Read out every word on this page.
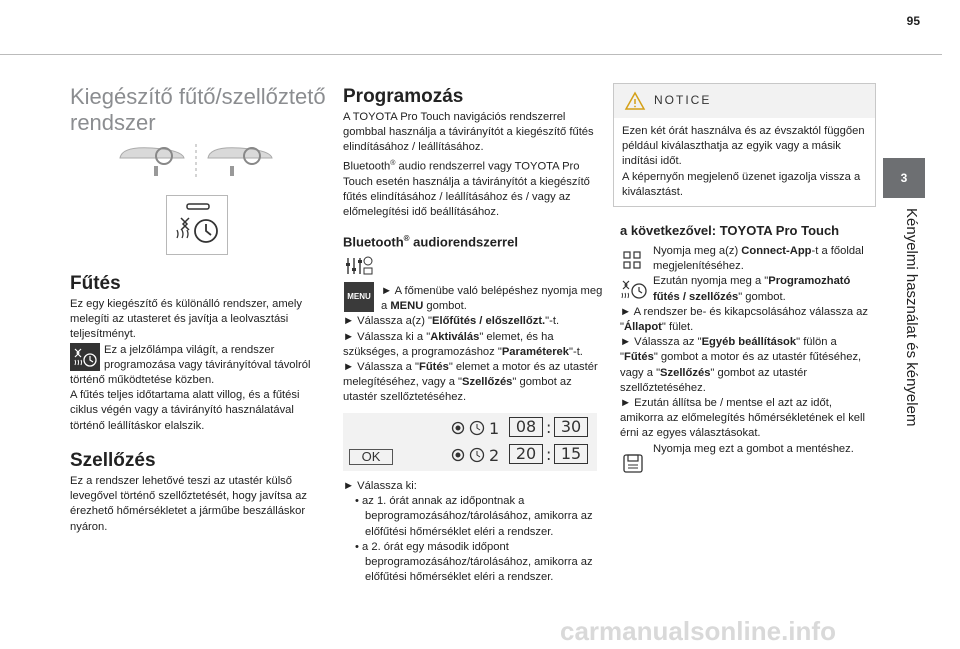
95
3
Kényelmi használat és kényelem
Kiegészítő fűtő/szellőztető rendszer
Fűtés

Ez egy kiegészítő és különálló rendszer, amely melegíti az utasteret és javítja a leolvasztási teljesítményt.

Ez a jelzőlámpa világít, a rendszer programozása vagy távirányítóval távolról történő működtetése közben.

A fűtés teljes időtartama alatt villog, és a fűtési ciklus végén vagy a távirányító használatával történő leállításkor elalszik.

Szellőzés
Ez a rendszer lehetővé teszi az utastér külső levegővel történő szellőztetését, hogy javítsa az érezhető hőmérsékletet a járműbe beszálláskor nyáron.
Programozás

A TOYOTA Pro Touch navigációs rendszerrel gombbal használja a távirányítót a kiegészítő fűtés elindításához / leállításához.

Bluetooth® audio rendszerrel vagy TOYOTA Pro Touch esetén használja a távirányítót a kiegészítő fűtés elindításához / leállításához és / vagy az előmelegítési idő beállításához.

Bluetooth® audiorendszerrel
MENU ► A főmenübe való belépéshez nyomja meg a MENU gombot.

► Válassza a(z) "Előfűtés / előszellőzt."-t.

► Válassza ki a "Aktiválás" elemet, és ha szükséges, a programozáshoz "Paraméterek"-t.

► Válassza a "Fűtés" elemet a motor és az utastér melegítéséhez, vagy a "Szellőzés" gombot az utastér szellőztetéséhez.

OK
1	08 : 30
2	20 : 15

► Válassza ki:

• az 1. órát annak az időpontnak a beprogramozásához/tárolásához, amikorra az előfűtési hőmérséklet eléri a rendszer.

• a 2. órát egy második időpont beprogramozásához/tárolásához, amikorra az előfűtési hőmérséklet eléri a rendszer.

NOTICE
Ezen két órát használva és az évszaktól függően például kiválaszthatja az egyik vagy a másik indítási időt.
A képernyőn megjelenő üzenet igazolja vissza a kiválasztást.
a következővel: TOYOTA Pro Touch

Nyomja meg a(z) Connect-App-t a főoldal megjelenítéséhez.

Ezután nyomja meg a "Programozható fűtés / szellőzés" gombot.

► A rendszer be- és kikapcsolásához válassza az "Állapot" fület.

► Válassza az "Egyéb beállítások" fülön a "Fűtés" gombot a motor és az utastér fűtéséhez, vagy a "Szellőzés" gombot az utastér szellőztetéséhez.

► Ezután állítsa be / mentse el azt az időt, amikorra az előmelegítés hőmérsékletének el kell érni az egyes választásokat.

Nyomja meg ezt a gombot a mentéshez.

carmanualsonline.info
